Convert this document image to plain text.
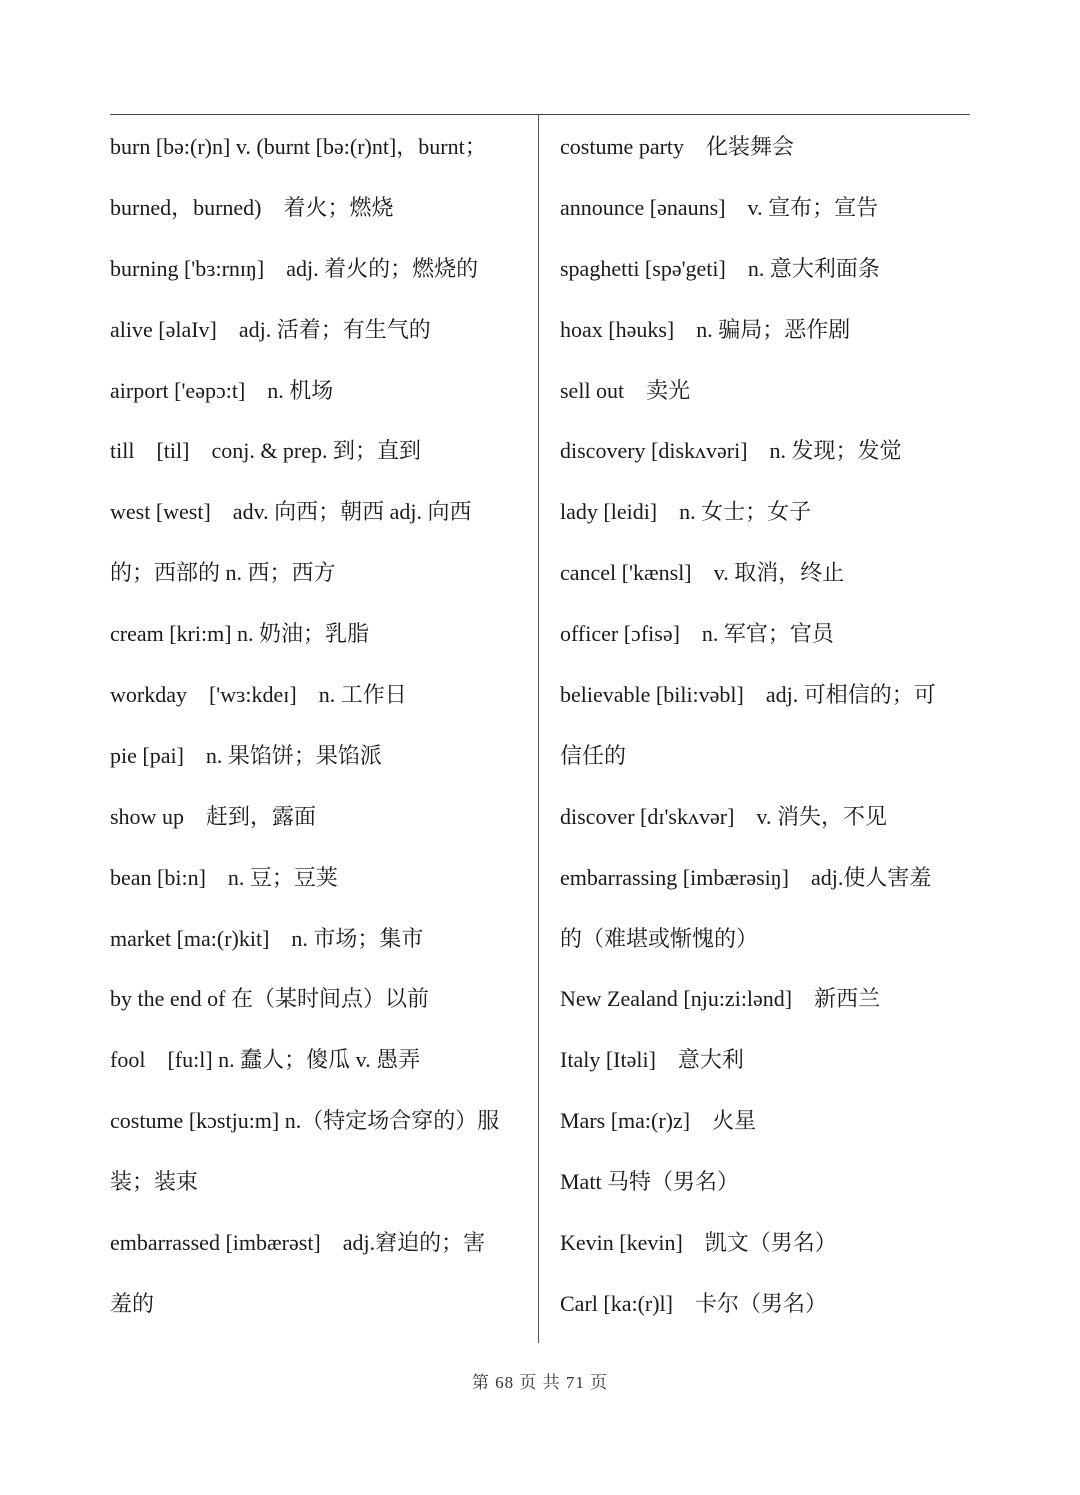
burn [bə:(r)n] v. (burnt [bə:(r)nt]，burnt；
burned，burned)　着火；燃烧
burning ['bɜ:rnɪŋ]　adj. 着火的；燃烧的
alive [əlaIv]　adj. 活着；有生气的
airport ['eəpɔ:t]　n. 机场
till　[til]　conj. & prep. 到；直到
west [west]　adv. 向西；朝西 adj. 向西
的；西部的 n. 西；西方
cream [kri:m] n. 奶油；乳脂
workday　['wɜ:kdeɪ]　n. 工作日
pie [pai]　n. 果馅饼；果馅派
show up　赶到，露面
bean [bi:n]　n. 豆；豆荚
market [ma:(r)kit]　n. 市场；集市
by the end of 在（某时间点）以前
fool　[fu:l] n. 蠢人；傻瓜 v. 愚弄
costume [kɔstju:m] n.（特定场合穿的）服
装；装束
embarrassed [imbærəst]　adj.窘迫的；害
羞的
costume party　化装舞会
announce [ənauns]　v. 宣布；宣告
spaghetti [spə'geti]　n. 意大利面条
hoax [həuks]　n. 骗局；恶作剧
sell out　卖光
discovery [diskʌvəri]　n. 发现；发觉
lady [leidi]　n. 女士；女子
cancel ['kænsl]　v. 取消，终止
officer [ɔfisə]　n. 军官；官员
believable [bili:vəbl]　adj. 可相信的；可
信任的
discover [dɪ'skʌvər]　v. 消失，不见
embarrassing [imbærəsiŋ]　adj.使人害羞
的（难堪或惭愧的）
New Zealand [nju:zi:lənd]　新西兰
Italy [Itəli]　意大利
Mars [ma:(r)z]　火星
Matt 马特（男名）
Kevin [kevin]　凯文（男名）
Carl [ka:(r)l]　卡尔（男名）
第 68 页 共 71 页
